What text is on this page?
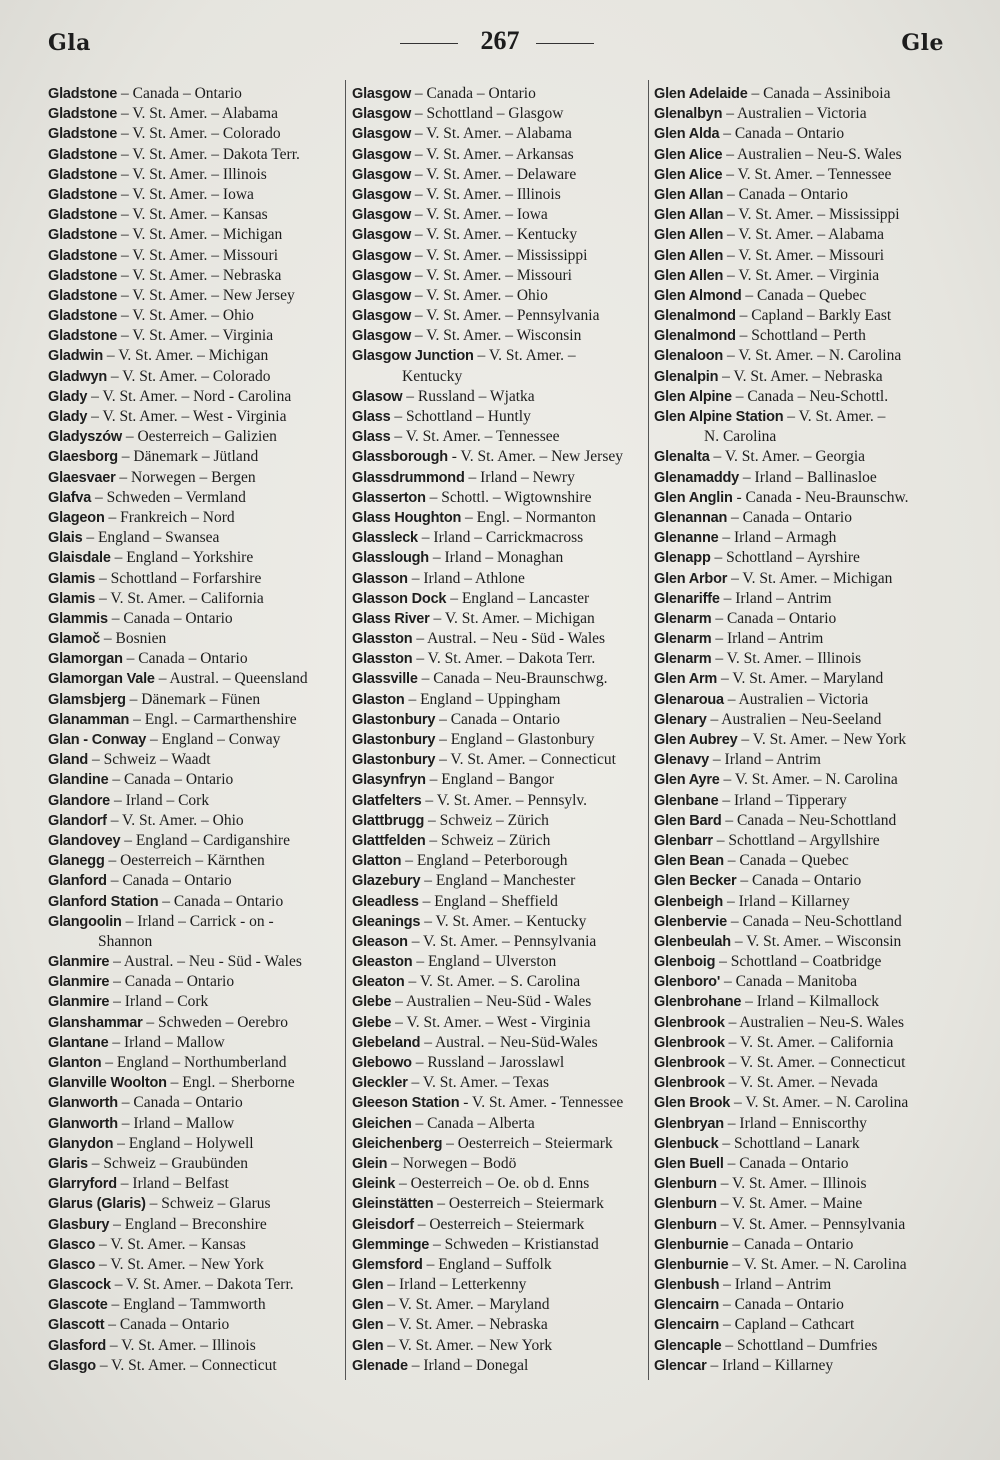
Gla	267	Gle
Gladstone – Canada – Ontario
Gladstone – V. St. Amer. – Alabama
Gladstone – V. St. Amer. – Colorado
Gladstone – V. St. Amer. – Dakota Terr.
Gladstone – V. St. Amer. – Illinois
Gladstone – V. St. Amer. – Iowa
Gladstone – V. St. Amer. – Kansas
Gladstone – V. St. Amer. – Michigan
Gladstone – V. St. Amer. – Missouri
Gladstone – V. St. Amer. – Nebraska
Gladstone – V. St. Amer. – New Jersey
Gladstone – V. St. Amer. – Ohio
Gladstone – V. St. Amer. – Virginia
Gladwin – V. St. Amer. – Michigan
Gladwyn – V. St. Amer. – Colorado
Glady – V. St. Amer. – Nord - Carolina
Glady – V. St. Amer. – West - Virginia
Gladyszów – Oesterreich – Galizien
Glaesborg – Dänemark – Jütland
Glaesvaer – Norwegen – Bergen
Glafva – Schweden – Vermland
Glageon – Frankreich – Nord
Glais – England – Swansea
Glaisdale – England – Yorkshire
Glamis – Schottland – Forfarshire
Glamis – V. St. Amer. – California
Glammis – Canada – Ontario
Glamoč – Bosnien
Glamorgan – Canada – Ontario
Glamorgan Vale – Austral. – Queensland
Glamsbjerg – Dänemark – Fünen
Glanamman – Engl. – Carmarthenshire
Glan - Conway – England – Conway
Gland – Schweiz – Waadt
Glandine – Canada – Ontario
Glandore – Irland – Cork
Glandorf – V. St. Amer. – Ohio
Glandovey – England – Cardiganshire
Glanegg – Oesterreich – Kärnthen
Glanford – Canada – Ontario
Glanford Station – Canada – Ontario
Glangoolin – Irland – Carrick - on -
Shannon
Glanmire – Austral. – Neu - Süd - Wales
Glanmire – Canada – Ontario
Glanmire – Irland – Cork
Glanshammar – Schweden – Oerebro
Glantane – Irland – Mallow
Glanton – England – Northumberland
Glanville Woolton – Engl. – Sherborne
Glanworth – Canada – Ontario
Glanworth – Irland – Mallow
Glanydon – England – Holywell
Glaris – Schweiz – Graubünden
Glarryford – Irland – Belfast
Glarus (Glaris) – Schweiz – Glarus
Glasbury – England – Breconshire
Glasco – V. St. Amer. – Kansas
Glasco – V. St. Amer. – New York
Glascock – V. St. Amer. – Dakota Terr.
Glascote – England – Tammworth
Glascott – Canada – Ontario
Glasford – V. St. Amer. – Illinois
Glasgo – V. St. Amer. – Connecticut
Glasgow – Canada – Ontario
Glasgow – Schottland – Glasgow
Glasgow – V. St. Amer. – Alabama
Glasgow – V. St. Amer. – Arkansas
Glasgow – V. St. Amer. – Delaware
Glasgow – V. St. Amer. – Illinois
Glasgow – V. St. Amer. – Iowa
Glasgow – V. St. Amer. – Kentucky
Glasgow – V. St. Amer. – Mississippi
Glasgow – V. St. Amer. – Missouri
Glasgow – V. St. Amer. – Ohio
Glasgow – V. St. Amer. – Pennsylvania
Glasgow – V. St. Amer. – Wisconsin
Glasgow Junction – V. St. Amer. –
Kentucky
Glasow – Russland – Wjatka
Glass – Schottland – Huntly
Glass – V. St. Amer. – Tennessee
Glassborough - V. St. Amer. – New Jersey
Glassdrummond – Irland – Newry
Glasserton – Schottl. – Wigtownshire
Glass Houghton – Engl. – Normanton
Glassleck – Irland – Carrickmacross
Glasslough – Irland – Monaghan
Glasson – Irland – Athlone
Glasson Dock – England – Lancaster
Glass River – V. St. Amer. – Michigan
Glasston – Austral. – Neu - Süd - Wales
Glasston – V. St. Amer. – Dakota Terr.
Glassville – Canada – Neu-Braunschwg.
Glaston – England – Uppingham
Glastonbury – Canada – Ontario
Glastonbury – England – Glastonbury
Glastonbury – V. St. Amer. – Connecticut
Glasynfryn – England – Bangor
Glatfelters – V. St. Amer. – Pennsylv.
Glattbrugg – Schweiz – Zürich
Glattfelden – Schweiz – Zürich
Glatton – England – Peterborough
Glazebury – England – Manchester
Gleadless – England – Sheffield
Gleanings – V. St. Amer. – Kentucky
Gleason – V. St. Amer. – Pennsylvania
Gleaston – England – Ulverston
Gleaton – V. St. Amer. – S. Carolina
Glebe – Australien – Neu-Süd - Wales
Glebe – V. St. Amer. – West - Virginia
Glebeland – Austral. – Neu-Süd-Wales
Glebowo – Russland – Jarosslawl
Gleckler – V. St. Amer. – Texas
Gleeson Station - V. St. Amer. - Tennessee
Gleichen – Canada – Alberta
Gleichenberg – Oesterreich – Steiermark
Glein – Norwegen – Bodö
Gleink – Oesterreich – Oe. ob d. Enns
Gleinstätten – Oesterreich – Steiermark
Gleisdorf – Oesterreich – Steiermark
Glemminge – Schweden – Kristianstad
Glemsford – England – Suffolk
Glen – Irland – Letterkenny
Glen – V. St. Amer. – Maryland
Glen – V. St. Amer. – Nebraska
Glen – V. St. Amer. – New York
Glenade – Irland – Donegal
Glen Adelaide – Canada – Assiniboia
Glenalbyn – Australien – Victoria
Glen Alda – Canada – Ontario
Glen Alice – Australien – Neu-S. Wales
Glen Alice – V. St. Amer. – Tennessee
Glen Allan – Canada – Ontario
Glen Allan – V. St. Amer. – Mississippi
Glen Allen – V. St. Amer. – Alabama
Glen Allen – V. St. Amer. – Missouri
Glen Allen – V. St. Amer. – Virginia
Glen Almond – Canada – Quebec
Glenalmond – Capland – Barkly East
Glenalmond – Schottland – Perth
Glenaloon – V. St. Amer. – N. Carolina
Glenalpin – V. St. Amer. – Nebraska
Glen Alpine – Canada – Neu-Schottl.
Glen Alpine Station – V. St. Amer. –
N. Carolina
Glenalta – V. St. Amer. – Georgia
Glenamaddy – Irland – Ballinasloe
Glen Anglin - Canada - Neu-Braunschw.
Glenannan – Canada – Ontario
Glenanne – Irland – Armagh
Glenapp – Schottland – Ayrshire
Glen Arbor – V. St. Amer. – Michigan
Glenariffe – Irland – Antrim
Glenarm – Canada – Ontario
Glenarm – Irland – Antrim
Glenarm – V. St. Amer. – Illinois
Glen Arm – V. St. Amer. – Maryland
Glenaroua – Australien – Victoria
Glenary – Australien – Neu-Seeland
Glen Aubrey – V. St. Amer. – New York
Glenavy – Irland – Antrim
Glen Ayre – V. St. Amer. – N. Carolina
Glenbane – Irland – Tipperary
Glen Bard – Canada – Neu-Schottland
Glenbarr – Schottland – Argyllshire
Glen Bean – Canada – Quebec
Glen Becker – Canada – Ontario
Glenbeigh – Irland – Killarney
Glenbervie – Canada – Neu-Schottland
Glenbeulah – V. St. Amer. – Wisconsin
Glenboig – Schottland – Coatbridge
Glenboro' – Canada – Manitoba
Glenbrohane – Irland – Kilmallock
Glenbrook – Australien – Neu-S. Wales
Glenbrook – V. St. Amer. – California
Glenbrook – V. St. Amer. – Connecticut
Glenbrook – V. St. Amer. – Nevada
Glen Brook – V. St. Amer. – N. Carolina
Glenbryan – Irland – Enniscorthy
Glenbuck – Schottland – Lanark
Glen Buell – Canada – Ontario
Glenburn – V. St. Amer. – Illinois
Glenburn – V. St. Amer. – Maine
Glenburn – V. St. Amer. – Pennsylvania
Glenburnie – Canada – Ontario
Glenburnie – V. St. Amer. – N. Carolina
Glenbush – Irland – Antrim
Glencairn – Canada – Ontario
Glencairn – Capland – Cathcart
Glencaple – Schottland – Dumfries
Glencar – Irland – Killarney
